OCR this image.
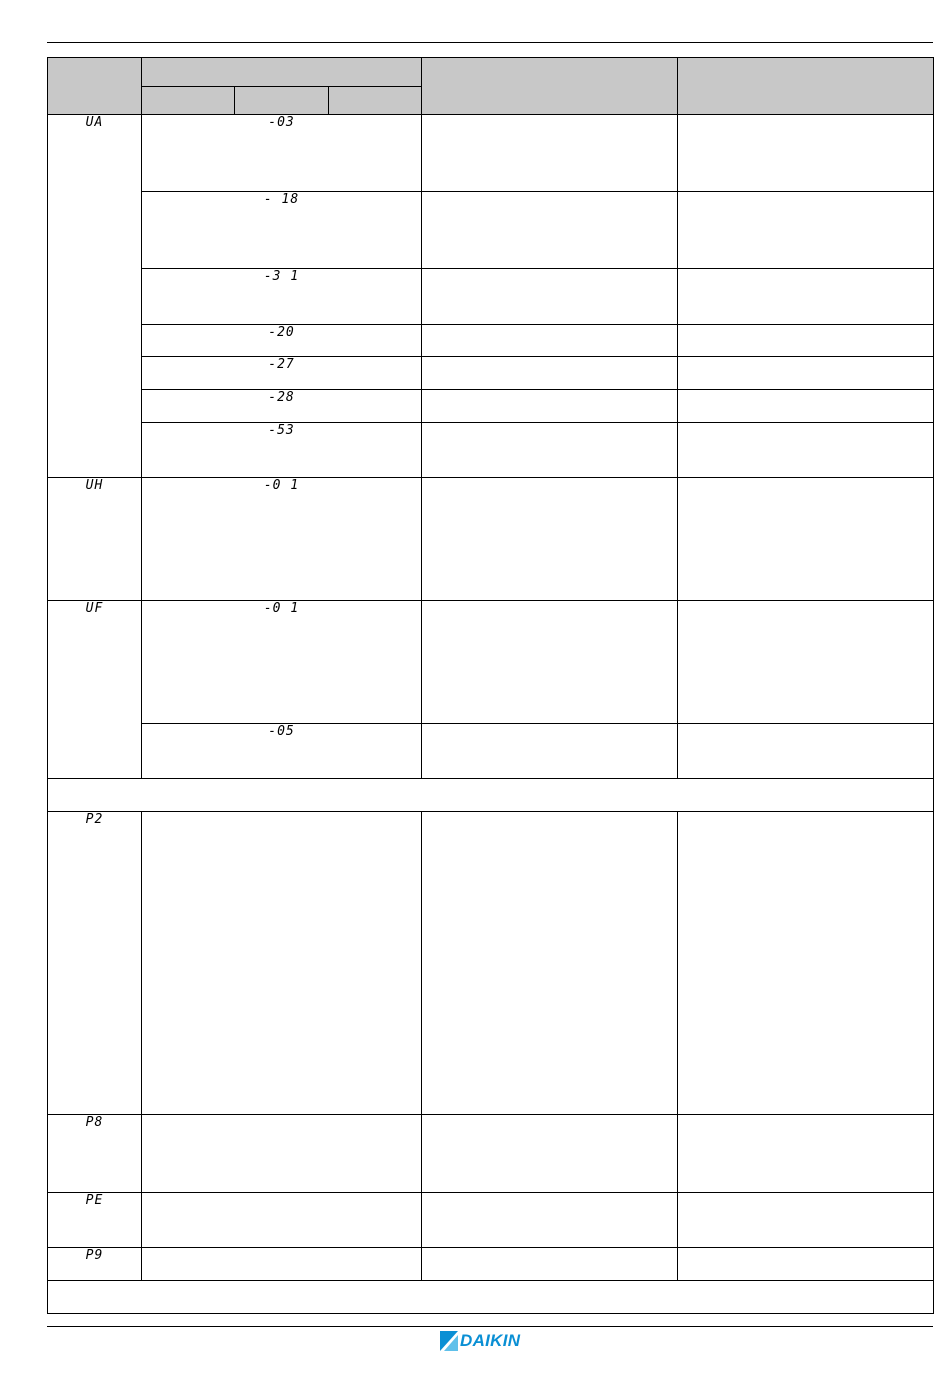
UA	-03				
	- 18				
	-3 1				
	-20				
	-27				
	-28				
	-53				
UH	-0 1				
UF	-0 1				
	-05				

P2					
P8					
PE					
P9					

DAIKIN
